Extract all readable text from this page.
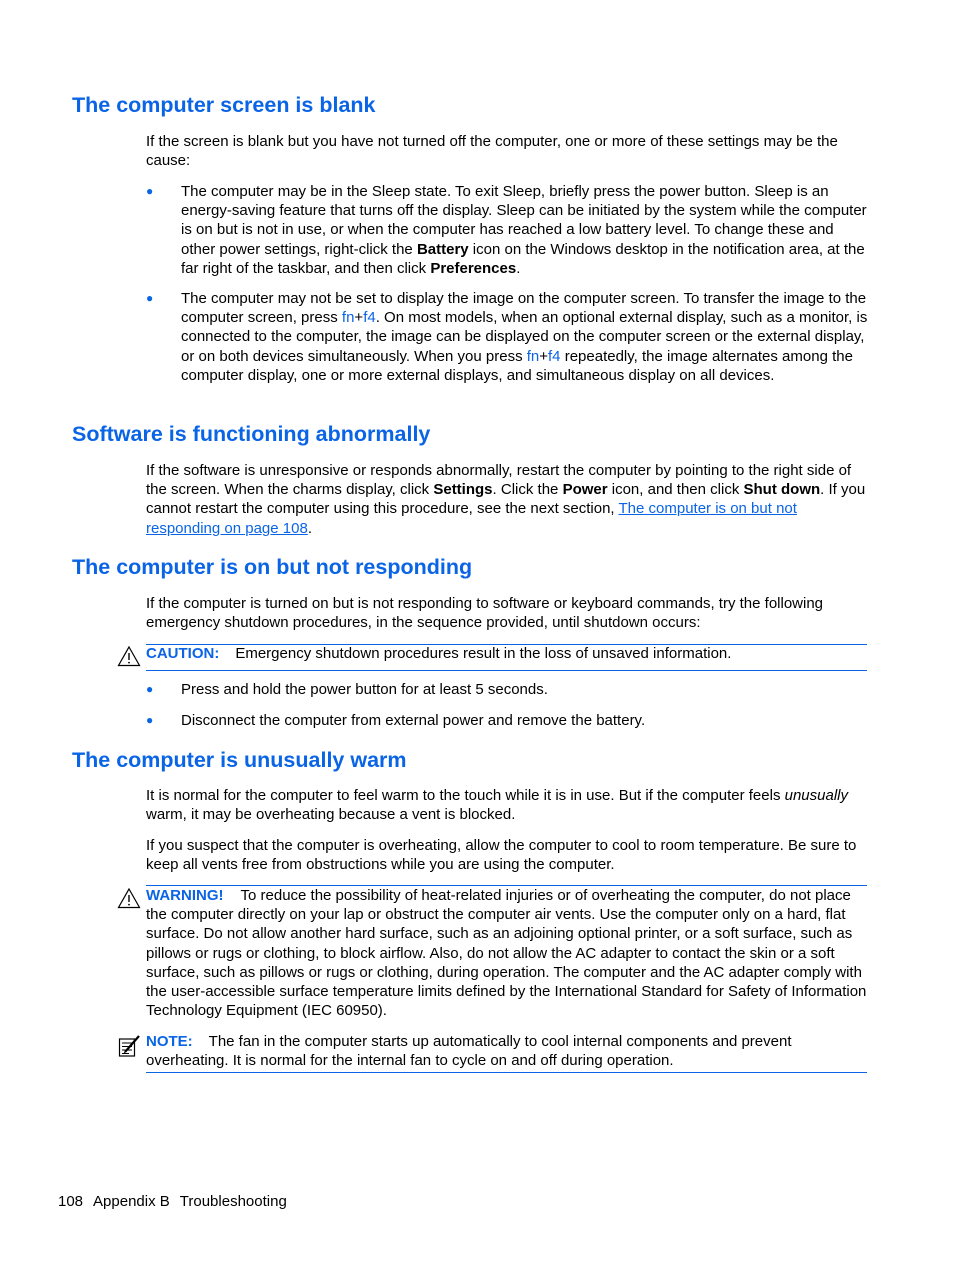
The computer screen is blank

If the screen is blank but you have not turned off the computer, one or more of these settings may be the cause:

● The computer may be in the Sleep state. To exit Sleep, briefly press the power button. Sleep is an energy-saving feature that turns off the display. Sleep can be initiated by the system while the computer is on but is not in use, or when the computer has reached a low battery level. To change these and other power settings, right-click the Battery icon on the Windows desktop in the notification area, at the far right of the taskbar, and then click Preferences.

● The computer may not be set to display the image on the computer screen. To transfer the image to the computer screen, press fn+f4. On most models, when an optional external display, such as a monitor, is connected to the computer, the image can be displayed on the computer screen or the external display, or on both devices simultaneously. When you press fn+f4 repeatedly, the image alternates among the computer display, one or more external displays, and simultaneous display on all devices.

Software is functioning abnormally

If the software is unresponsive or responds abnormally, restart the computer by pointing to the right side of the screen. When the charms display, click Settings. Click the Power icon, and then click Shut down. If you cannot restart the computer using this procedure, see the next section, The computer is on but not responding on page 108.

The computer is on but not responding

If the computer is turned on but is not responding to software or keyboard commands, try the following emergency shutdown procedures, in the sequence provided, until shutdown occurs:

CAUTION: Emergency shutdown procedures result in the loss of unsaved information.

● Press and hold the power button for at least 5 seconds.

● Disconnect the computer from external power and remove the battery.

The computer is unusually warm

It is normal for the computer to feel warm to the touch while it is in use. But if the computer feels unusually warm, it may be overheating because a vent is blocked.

If you suspect that the computer is overheating, allow the computer to cool to room temperature. Be sure to keep all vents free from obstructions while you are using the computer.

WARNING! To reduce the possibility of heat-related injuries or of overheating the computer, do not place the computer directly on your lap or obstruct the computer air vents. Use the computer only on a hard, flat surface. Do not allow another hard surface, such as an adjoining optional printer, or a soft surface, such as pillows or rugs or clothing, to block airflow. Also, do not allow the AC adapter to contact the skin or a soft surface, such as pillows or rugs or clothing, during operation. The computer and the AC adapter comply with the user-accessible surface temperature limits defined by the International Standard for Safety of Information Technology Equipment (IEC 60950).

NOTE: The fan in the computer starts up automatically to cool internal components and prevent overheating. It is normal for the internal fan to cycle on and off during operation.

108 Appendix B Troubleshooting
